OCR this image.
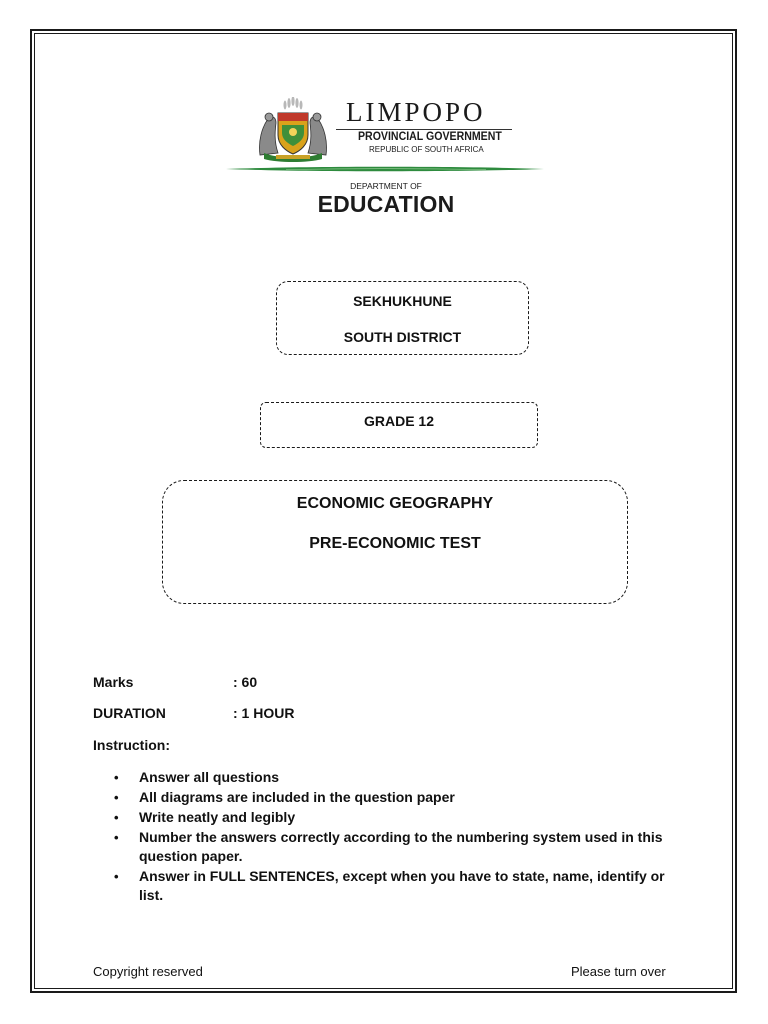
LIMPOPO
PROVINCIAL GOVERNMENT
REPUBLIC OF SOUTH AFRICA
DEPARTMENT OF
EDUCATION
SEKHUKHUNE
SOUTH DISTRICT
GRADE 12
ECONOMIC GEOGRAPHY
PRE-ECONOMIC TEST
Marks	: 60
DURATION	: 1 HOUR
Instruction:
• Answer all questions
• All diagrams are included in the question paper
• Write neatly and legibly
• Number the answers correctly according to the numbering system used in this question paper.
• Answer in FULL SENTENCES, except when you have to state, name, identify or list.
Copyright reserved	Please turn over
